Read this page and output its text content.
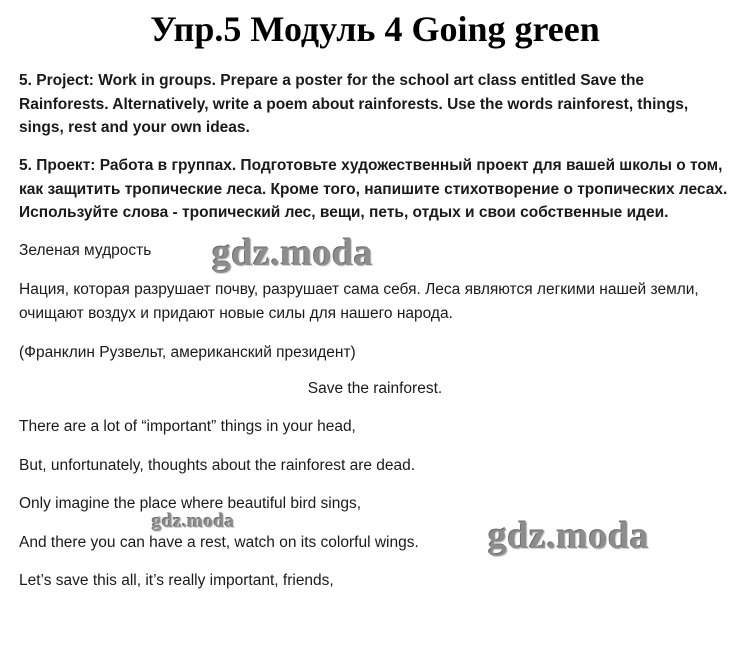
Упр.5 Модуль 4 Going green

5. Project: Work in groups. Prepare a poster for the school art class entitled Save the Rainforests. Alternatively, write a poem about rainforests. Use the words rainforest, things, sings, rest and your own ideas.

5. Проект: Работа в группах. Подготовьте художественный проект для вашей школы о том, как защитить тропические леса. Кроме того, напишите стихотворение о тропических лесах. Используйте слова - тропический лес, вещи, петь, отдых и свои собственные идеи.

Зеленая мудрость

Нация, которая разрушает почву, разрушает сама себя. Леса являются легкими нашей земли, очищают воздух и придают новые силы для нашего народа.

(Франклин Рузвельт, американский президент)
Save the rainforest.
There are a lot of “important” things in your head,
But, unfortunately, thoughts about the rainforest are dead.
Only imagine the place where beautiful bird sings,
And there you can have a rest, watch on its colorful wings.
Let’s save this all, it’s really important, friends,
gdz.moda
gdz.moda	gdz.moda
